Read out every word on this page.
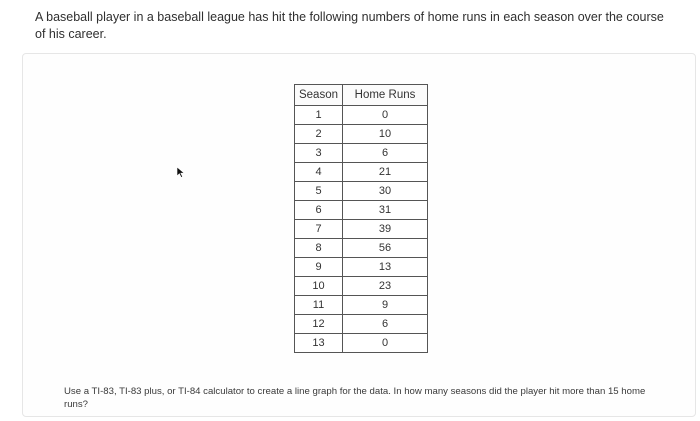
A baseball player in a baseball league has hit the following numbers of home runs in each season over the course of his career.
Season	Home Runs
1	0
2	10
3	6
4	21
5	30
6	31
7	39
8	56
9	13
10	23
11	9
12	6
13	0
Use a TI-83, TI-83 plus, or TI-84 calculator to create a line graph for the data. In how many seasons did the player hit more than 15 home runs?
